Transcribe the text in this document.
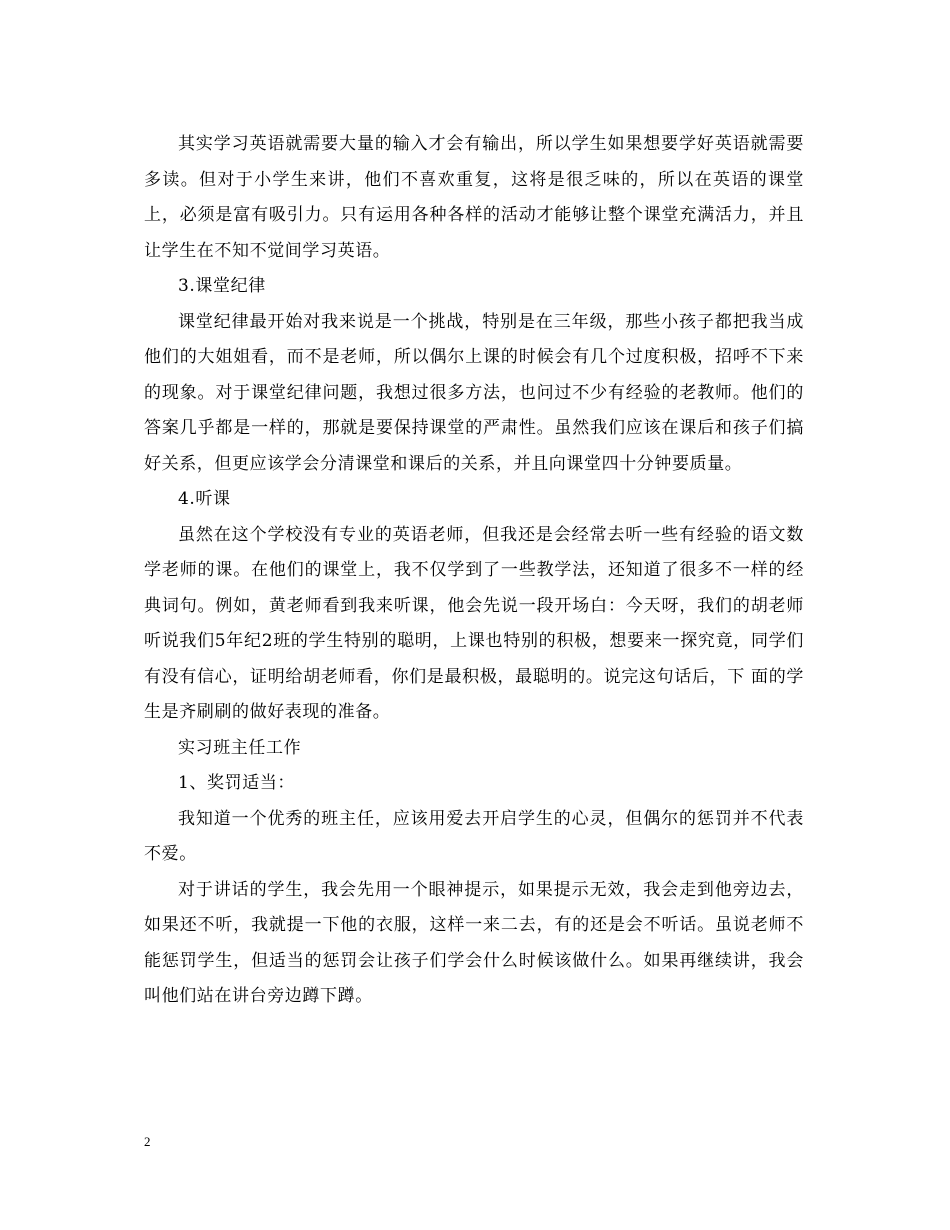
其实学习英语就需要大量的输入才会有输出，所以学生如果想要学好英语就需要多读。但对于小学生来讲，他们不喜欢重复，这将是很乏味的，所以在英语的课堂上，必须是富有吸引力。只有运用各种各样的活动才能够让整个课堂充满活力，并且让学生在不知不觉间学习英语。

3.课堂纪律

课堂纪律最开始对我来说是一个挑战，特别是在三年级，那些小孩子都把我当成他们的大姐姐看，而不是老师，所以偶尔上课的时候会有几个过度积极，招呼不下来的现象。对于课堂纪律问题，我想过很多方法，也问过不少有经验的老教师。他们的答案几乎都是一样的，那就是要保持课堂的严肃性。虽然我们应该在课后和孩子们搞好关系，但更应该学会分清课堂和课后的关系，并且向课堂四十分钟要质量。

4.听课

虽然在这个学校没有专业的英语老师，但我还是会经常去听一些有经验的语文数学老师的课。在他们的课堂上，我不仅学到了一些教学法，还知道了很多不一样的经典词句。例如，黄老师看到我来听课，他会先说一段开场白：今天呀，我们的胡老师听说我们5年纪2班的学生特别的聪明，上课也特别的积极，想要来一探究竟，同学们有没有信心，证明给胡老师看，你们是最积极，最聪明的。说完这句话后，下 面的学生是齐刷刷的做好表现的准备。

实习班主任工作

1、奖罚适当：

我知道一个优秀的班主任，应该用爱去开启学生的心灵，但偶尔的惩罚并不代表不爱。

对于讲话的学生，我会先用一个眼神提示，如果提示无效，我会走到他旁边去，如果还不听，我就提一下他的衣服，这样一来二去，有的还是会不听话。虽说老师不能惩罚学生，但适当的惩罚会让孩子们学会什么时候该做什么。如果再继续讲，我会叫他们站在讲台旁边蹲下蹲。

2
